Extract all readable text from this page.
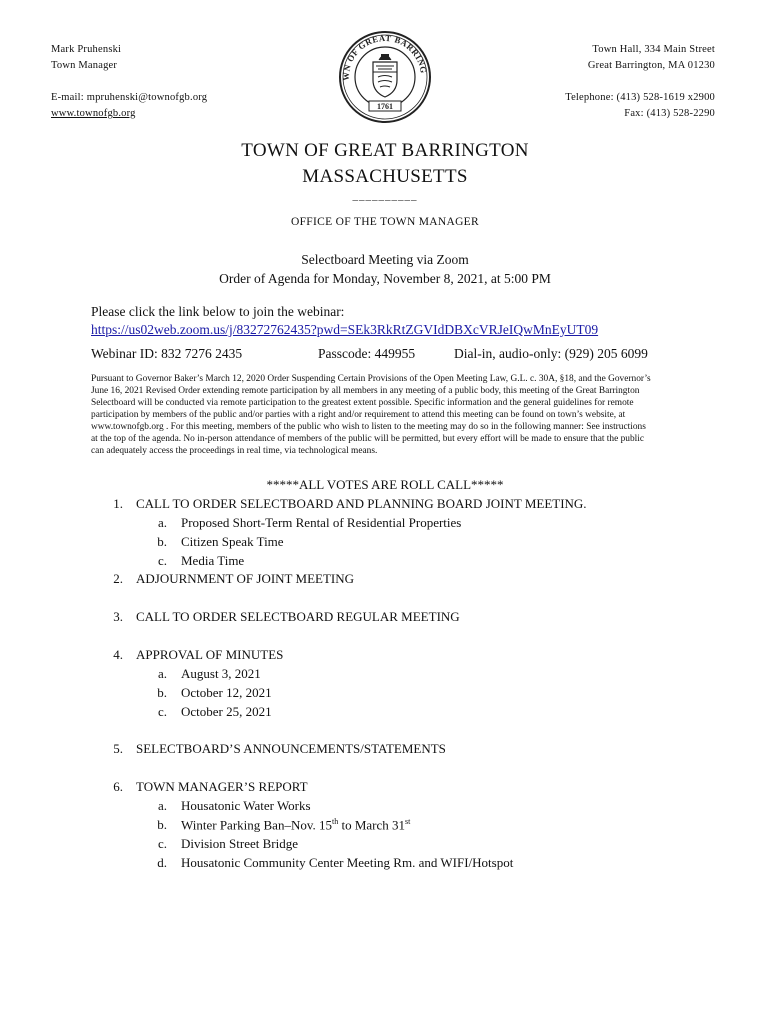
Mark Pruhenski
Town Manager
E-mail: mpruhenski@townofgb.org
www.townofgb.org
Town Hall, 334 Main Street
Great Barrington, MA 01230
Telephone: (413) 528-1619 x2900
Fax: (413) 528-2290
WN OF GREAT BARRING
1761
TOWN OF GREAT BARRINGTON
MASSACHUSETTS
__________
OFFICE OF THE TOWN MANAGER
Selectboard Meeting via Zoom
Order of Agenda for Monday, November 8, 2021, at 5:00 PM
Please click the link below to join the webinar:
https://us02web.zoom.us/j/83272762435?pwd=SEk3RkRtZGVIdDBXcVRJeIQwMnEyUT09
Webinar ID: 832 7276 2435	Passcode: 449955	Dial-in, audio-only: (929) 205 6099
Pursuant to Governor Baker’s March 12, 2020 Order Suspending Certain Provisions of the Open Meeting Law, G.L. c. 30A, §18, and the Governor’s
June 16, 2021 Revised Order extending remote participation by all members in any meeting of a public body, this meeting of the Great Barrington
Selectboard will be conducted via remote participation to the greatest extent possible. Specific information and the general guidelines for remote
participation by members of the public and/or parties with a right and/or requirement to attend this meeting can be found on town’s website, at
www.townofgb.org . For this meeting, members of the public who wish to listen to the meeting may do so in the following manner: See instructions
at the top of the agenda. No in-person attendance of members of the public will be permitted, but every effort will be made to ensure that the public
can adequately access the proceedings in real time, via technological means.
*****ALL VOTES ARE ROLL CALL*****
1. CALL TO ORDER SELECTBOARD AND PLANNING BOARD JOINT MEETING.
a. Proposed Short-Term Rental of Residential Properties
b. Citizen Speak Time
c. Media Time
2. ADJOURNMENT OF JOINT MEETING
3. CALL TO ORDER SELECTBOARD REGULAR MEETING
4. APPROVAL OF MINUTES
a. August 3, 2021
b. October 12, 2021
c. October 25, 2021
5. SELECTBOARD’S ANNOUNCEMENTS/STATEMENTS
6. TOWN MANAGER’S REPORT
a. Housatonic Water Works
b. Winter Parking Ban–Nov. 15th to March 31st
c. Division Street Bridge
d. Housatonic Community Center Meeting Rm. and WIFI/Hotspot
